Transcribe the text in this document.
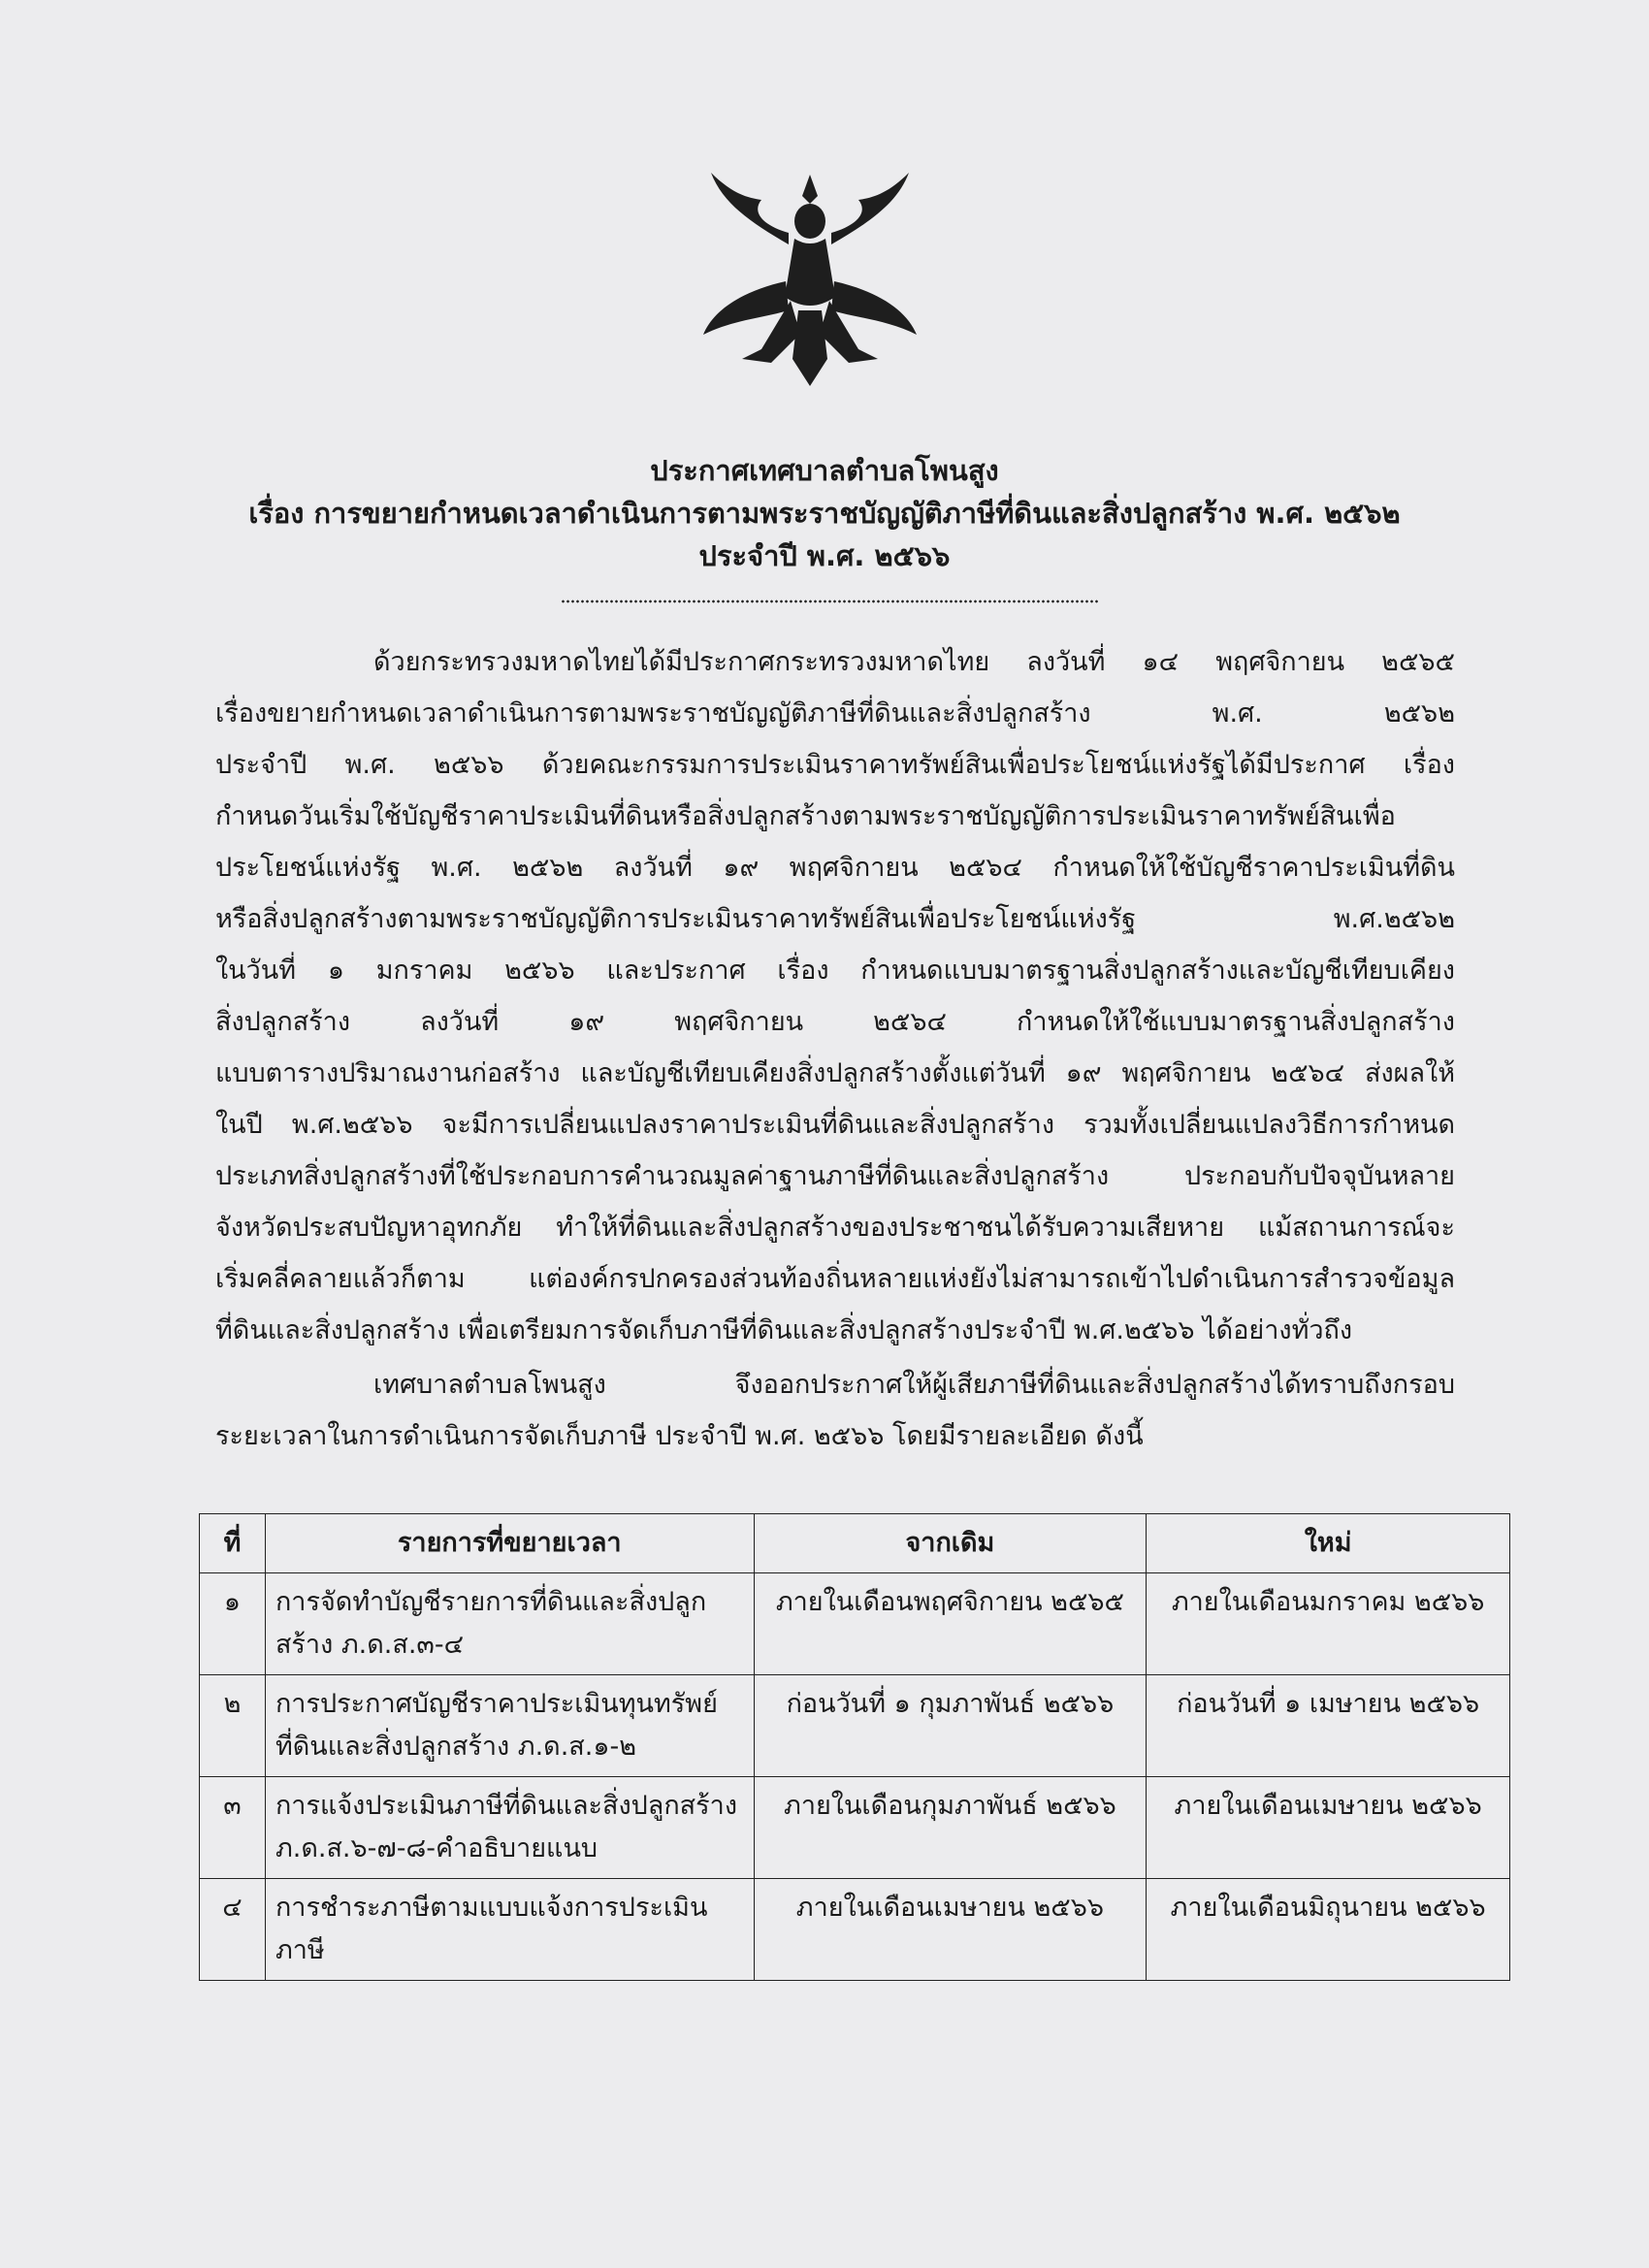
ประกาศเทศบาลตำบลโพนสูง
เรื่อง การขยายกำหนดเวลาดำเนินการตามพระราชบัญญัติภาษีที่ดินและสิ่งปลูกสร้าง พ.ศ. ๒๕๖๒
ประจำปี พ.ศ. ๒๕๖๖
ด้วยกระทรวงมหาดไทยได้มีประกาศกระทรวงมหาดไทย ลงวันที่ ๑๔ พฤศจิกายน ๒๕๖๕
เรื่องขยายกำหนดเวลาดำเนินการตามพระราชบัญญัติภาษีที่ดินและสิ่งปลูกสร้าง พ.ศ. ๒๕๖๒
ประจำปี พ.ศ. ๒๕๖๖ ด้วยคณะกรรมการประเมินราคาทรัพย์สินเพื่อประโยชน์แห่งรัฐได้มีประกาศ เรื่อง
กำหนดวันเริ่มใช้บัญชีราคาประเมินที่ดินหรือสิ่งปลูกสร้างตามพระราชบัญญัติการประเมินราคาทรัพย์สินเพื่อ
ประโยชน์แห่งรัฐ พ.ศ. ๒๕๖๒ ลงวันที่ ๑๙ พฤศจิกายน ๒๕๖๔ กำหนดให้ใช้บัญชีราคาประเมินที่ดิน
หรือสิ่งปลูกสร้างตามพระราชบัญญัติการประเมินราคาทรัพย์สินเพื่อประโยชน์แห่งรัฐ พ.ศ.๒๕๖๒
ในวันที่ ๑ มกราคม ๒๕๖๖ และประกาศ เรื่อง กำหนดแบบมาตรฐานสิ่งปลูกสร้างและบัญชีเทียบเคียง
สิ่งปลูกสร้าง ลงวันที่ ๑๙ พฤศจิกายน ๒๕๖๔ กำหนดให้ใช้แบบมาตรฐานสิ่งปลูกสร้าง
แบบตารางปริมาณงานก่อสร้าง และบัญชีเทียบเคียงสิ่งปลูกสร้างตั้งแต่วันที่ ๑๙ พฤศจิกายน ๒๕๖๔ ส่งผลให้
ในปี พ.ศ.๒๕๖๖ จะมีการเปลี่ยนแปลงราคาประเมินที่ดินและสิ่งปลูกสร้าง รวมทั้งเปลี่ยนแปลงวิธีการกำหนด
ประเภทสิ่งปลูกสร้างที่ใช้ประกอบการคำนวณมูลค่าฐานภาษีที่ดินและสิ่งปลูกสร้าง ประกอบกับปัจจุบันหลาย
จังหวัดประสบปัญหาอุทกภัย ทำให้ที่ดินและสิ่งปลูกสร้างของประชาชนได้รับความเสียหาย แม้สถานการณ์จะ
เริ่มคลี่คลายแล้วก็ตาม แต่องค์กรปกครองส่วนท้องถิ่นหลายแห่งยังไม่สามารถเข้าไปดำเนินการสำรวจข้อมูล
ที่ดินและสิ่งปลูกสร้าง เพื่อเตรียมการจัดเก็บภาษีที่ดินและสิ่งปลูกสร้างประจำปี พ.ศ.๒๕๖๖ ได้อย่างทั่วถึง
เทศบาลตำบลโพนสูง จึงออกประกาศให้ผู้เสียภาษีที่ดินและสิ่งปลูกสร้างได้ทราบถึงกรอบ
ระยะเวลาในการดำเนินการจัดเก็บภาษี ประจำปี พ.ศ. ๒๕๖๖ โดยมีรายละเอียด ดังนี้
ที่	รายการที่ขยายเวลา	จากเดิม	ใหม่
๑	การจัดทำบัญชีรายการที่ดินและสิ่งปลูกสร้าง ภ.ด.ส.๓-๔	ภายในเดือนพฤศจิกายน ๒๕๖๕	ภายในเดือนมกราคม ๒๕๖๖
๒	การประกาศบัญชีราคาประเมินทุนทรัพย์ที่ดินและสิ่งปลูกสร้าง ภ.ด.ส.๑-๒	ก่อนวันที่ ๑ กุมภาพันธ์ ๒๕๖๖	ก่อนวันที่ ๑ เมษายน ๒๕๖๖
๓	การแจ้งประเมินภาษีที่ดินและสิ่งปลูกสร้าง ภ.ด.ส.๖-๗-๘-คำอธิบายแนบ	ภายในเดือนกุมภาพันธ์ ๒๕๖๖	ภายในเดือนเมษายน ๒๕๖๖
๔	การชำระภาษีตามแบบแจ้งการประเมินภาษี	ภายในเดือนเมษายน ๒๕๖๖	ภายในเดือนมิถุนายน ๒๕๖๖
